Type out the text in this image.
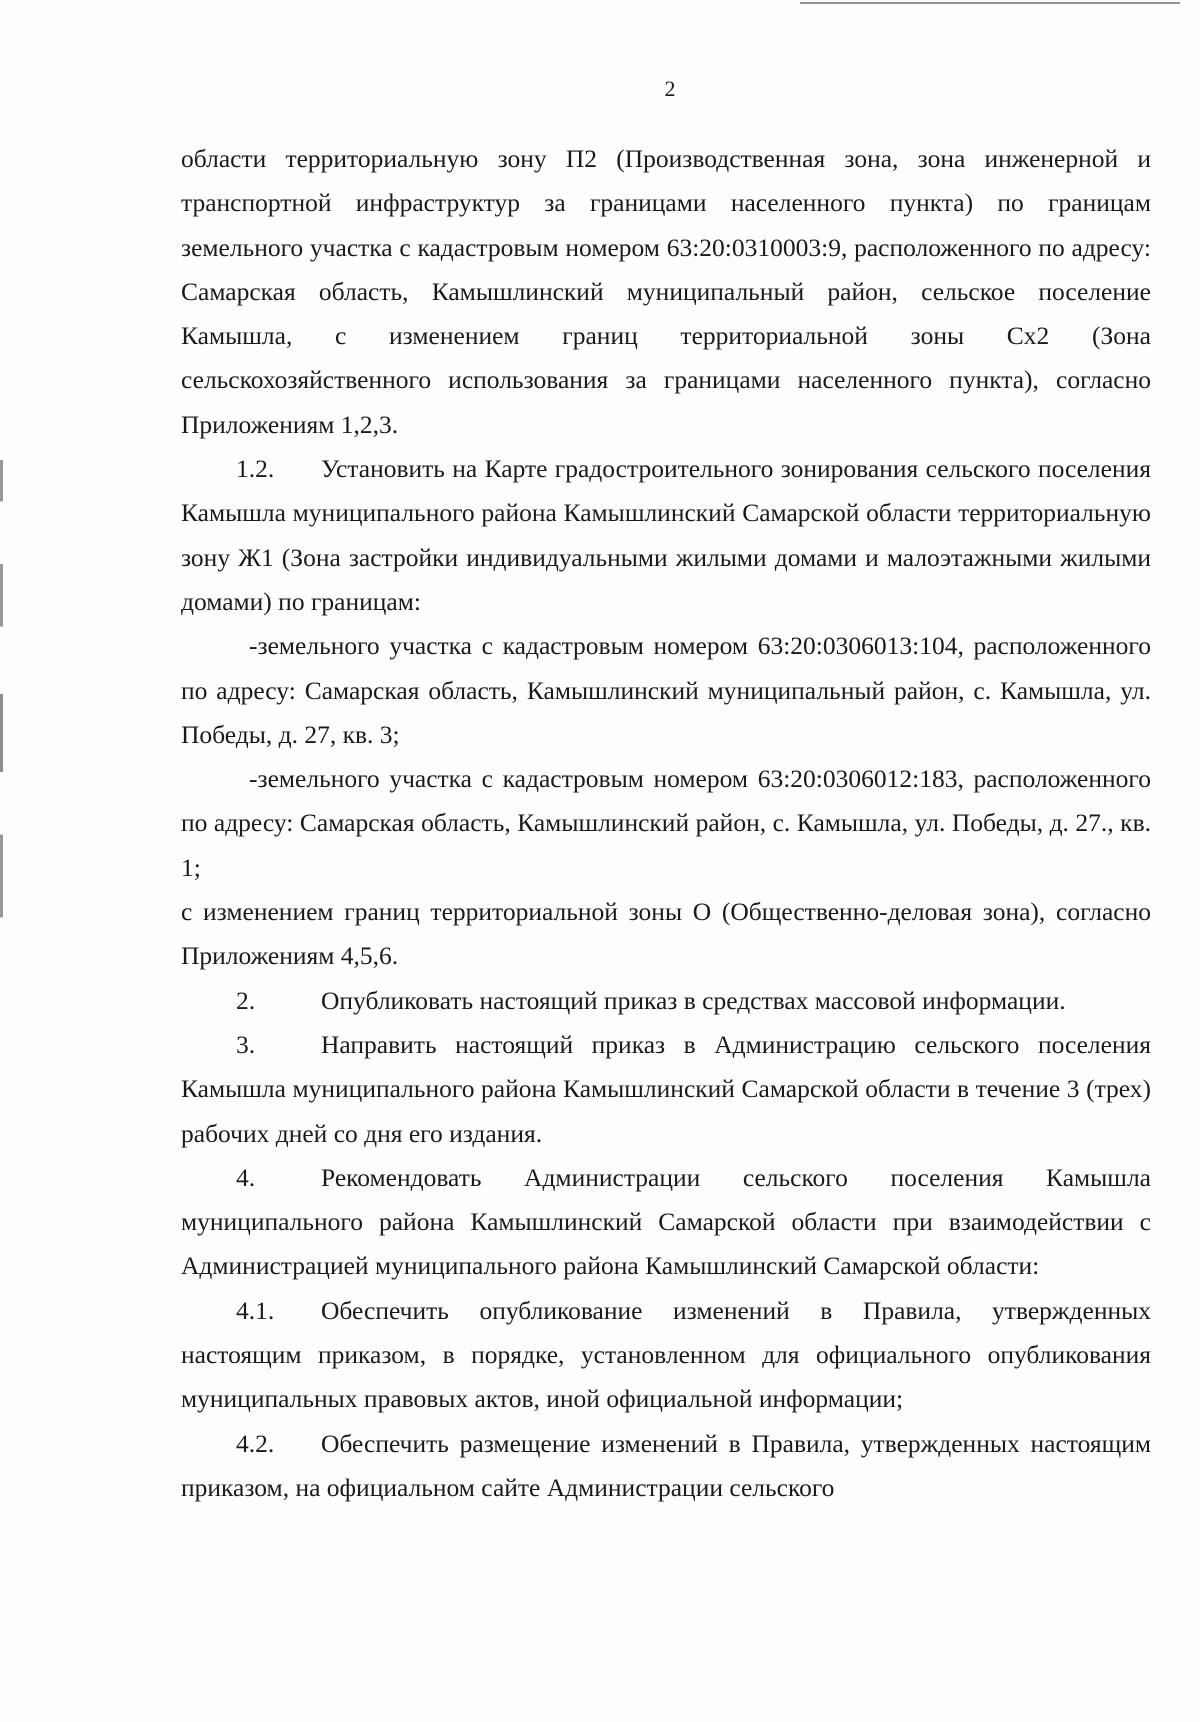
2

области территориальную зону П2 (Производственная зона, зона инженерной и транспортной инфраструктур за границами населенного пункта) по границам земельного участка с кадастровым номером 63:20:0310003:9, расположенного по адресу: Самарская область, Камышлинский муниципальный район, сельское поселение Камышла, с изменением границ территориальной зоны Сх2 (Зона сельскохозяйственного использования за границами населенного пункта), согласно Приложениям 1,2,3.

1.2. Установить на Карте градостроительного зонирования сельского поселения Камышла муниципального района Камышлинский Самарской области территориальную зону Ж1 (Зона застройки индивидуальными жилыми домами и малоэтажными жилыми домами) по границам:

-земельного участка с кадастровым номером 63:20:0306013:104, расположенного по адресу: Самарская область, Камышлинский муниципальный район, с. Камышла, ул. Победы, д. 27, кв. 3;

-земельного участка с кадастровым номером 63:20:0306012:183, расположенного по адресу: Самарская область, Камышлинский район, с. Камышла, ул. Победы, д. 27., кв. 1;

с изменением границ территориальной зоны О (Общественно-деловая зона), согласно Приложениям 4,5,6.

2.	Опубликовать настоящий приказ в средствах массовой информации.

3.	Направить настоящий приказ в Администрацию сельского поселения Камышла муниципального района Камышлинский Самарской области в течение 3 (трех) рабочих дней со дня его издания.

4.	Рекомендовать Администрации сельского поселения Камышла муниципального района Камышлинский Самарской области при взаимодействии с Администрацией муниципального района Камышлинский Самарской области:

4.1. Обеспечить опубликование изменений в Правила, утвержденных настоящим приказом, в порядке, установленном для официального опубликования муниципальных правовых актов, иной официальной информации;

4.2. Обеспечить размещение изменений в Правила, утвержденных настоящим приказом, на официальном сайте Администрации сельского
